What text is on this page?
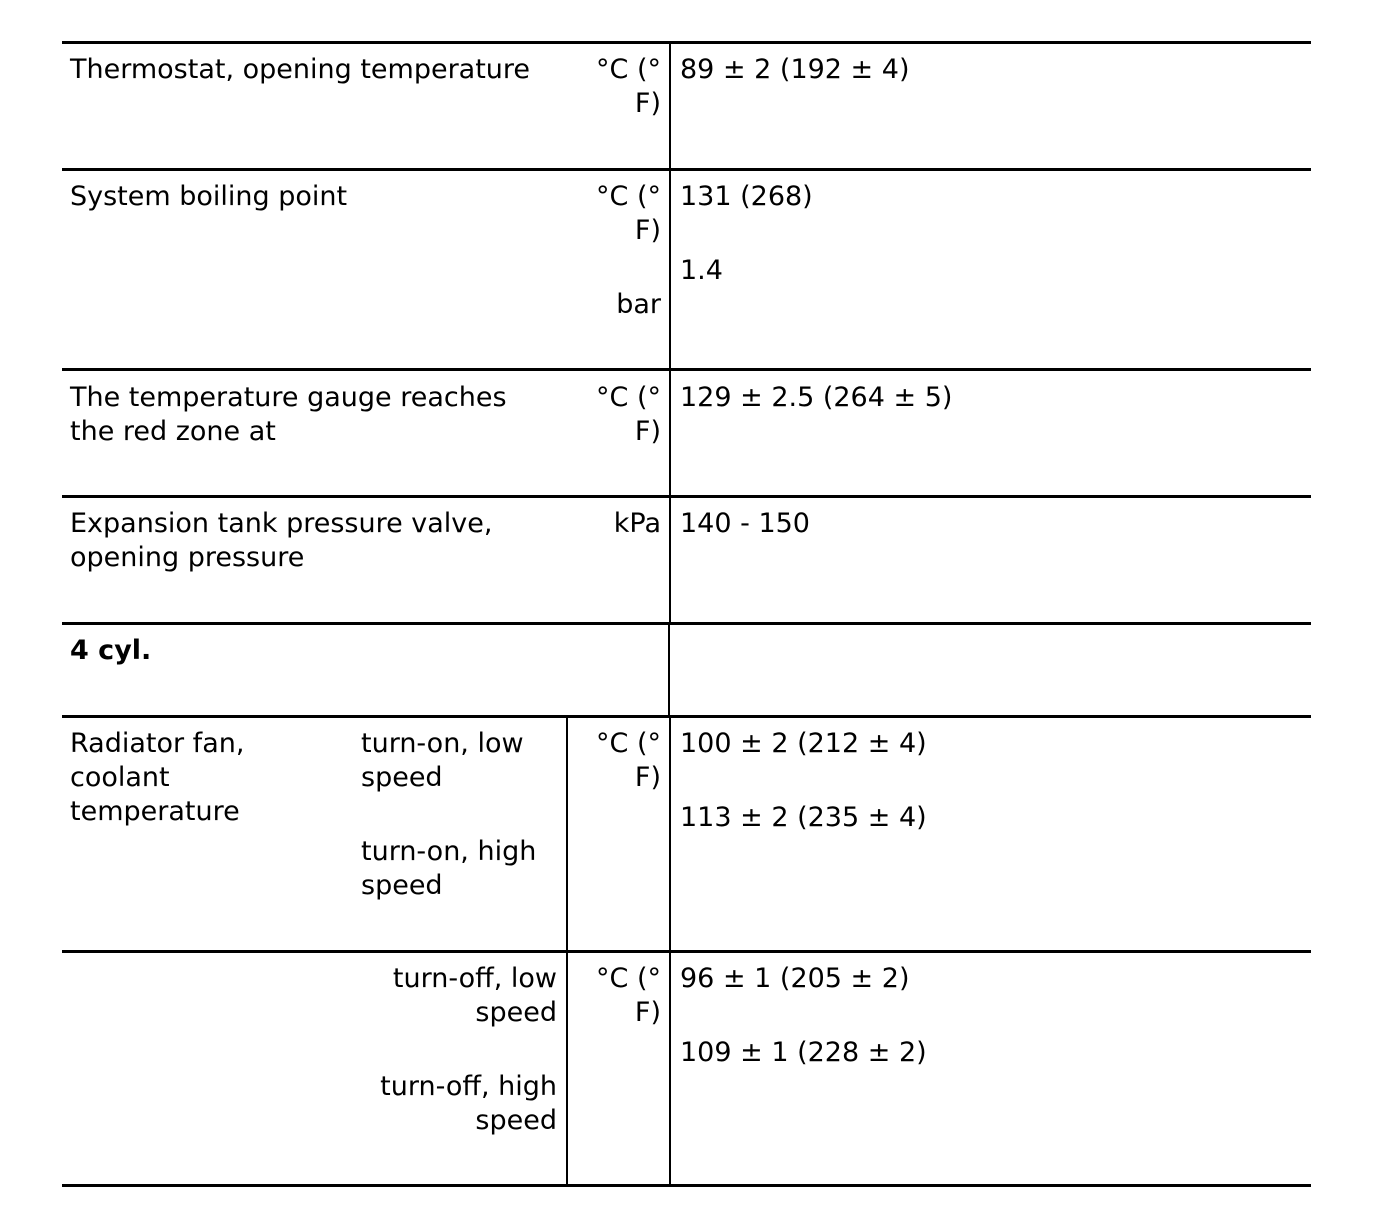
Thermostat, opening temperature °C (°
F)
89 ± 2 (192 ± 4)
System boiling point	°C (°
F)
bar
131 (268)
1.4
The temperature gauge reaches
the red zone at
°C (°
F)
129 ± 2.5 (264 ± 5)
Expansion tank pressure valve,
opening pressure
kPa 140 - 150
4 cyl.
Radiator fan,
coolant
temperature
turn-on, low
speed
turn-on, high
speed
°C (°
F)
100 ± 2 (212 ± 4)
113 ± 2 (235 ± 4)
turn-off, low
speed
turn-off, high
speed
°C (°
F)
96 ± 1 (205 ± 2)
109 ± 1 (228 ± 2)
